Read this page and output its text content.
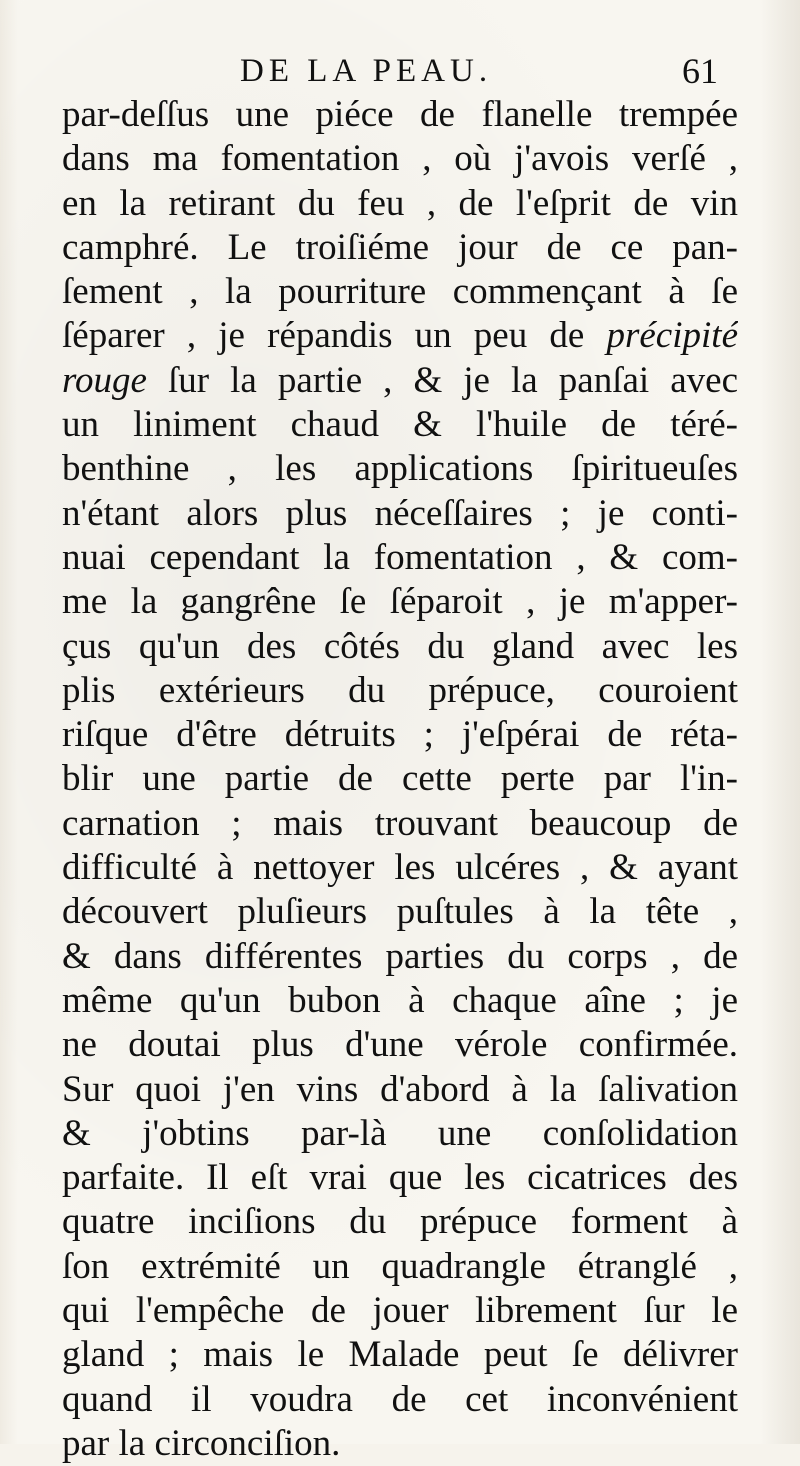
DE LA PEAU.	61
par-deſſus une piéce de flanelle trempée
dans ma fomentation , où j'avois verſé ,
en la retirant du feu , de l'eſprit de vin
camphré. Le troiſiéme jour de ce pan-
ſement , la pourriture commençant à ſe
ſéparer , je répandis un peu de précipité
rouge ſur la partie , & je la panſai avec
un liniment chaud & l'huile de téré-
benthine , les applications ſpiritueuſes
n'étant alors plus néceſſaires ; je conti-
nuai cependant la fomentation , & com-
me la gangrêne ſe ſéparoit , je m'apper-
çus qu'un des côtés du gland avec les
plis extérieurs du prépuce, couroient
riſque d'être détruits ; j'eſpérai de réta-
blir une partie de cette perte par l'in-
carnation ; mais trouvant beaucoup de
difficulté à nettoyer les ulcéres , & ayant
découvert pluſieurs puſtules à la tête ,
& dans différentes parties du corps , de
même qu'un bubon à chaque aîne ; je
ne doutai plus d'une vérole confirmée.
Sur quoi j'en vins d'abord à la ſalivation
& j'obtins par-là une conſolidation
parfaite. Il eſt vrai que les cicatrices des
quatre inciſions du prépuce forment à
ſon extrémité un quadrangle étranglé ,
qui l'empêche de jouer librement ſur le
gland ; mais le Malade peut ſe délivrer
quand il voudra de cet inconvénient
par la circonciſion.
